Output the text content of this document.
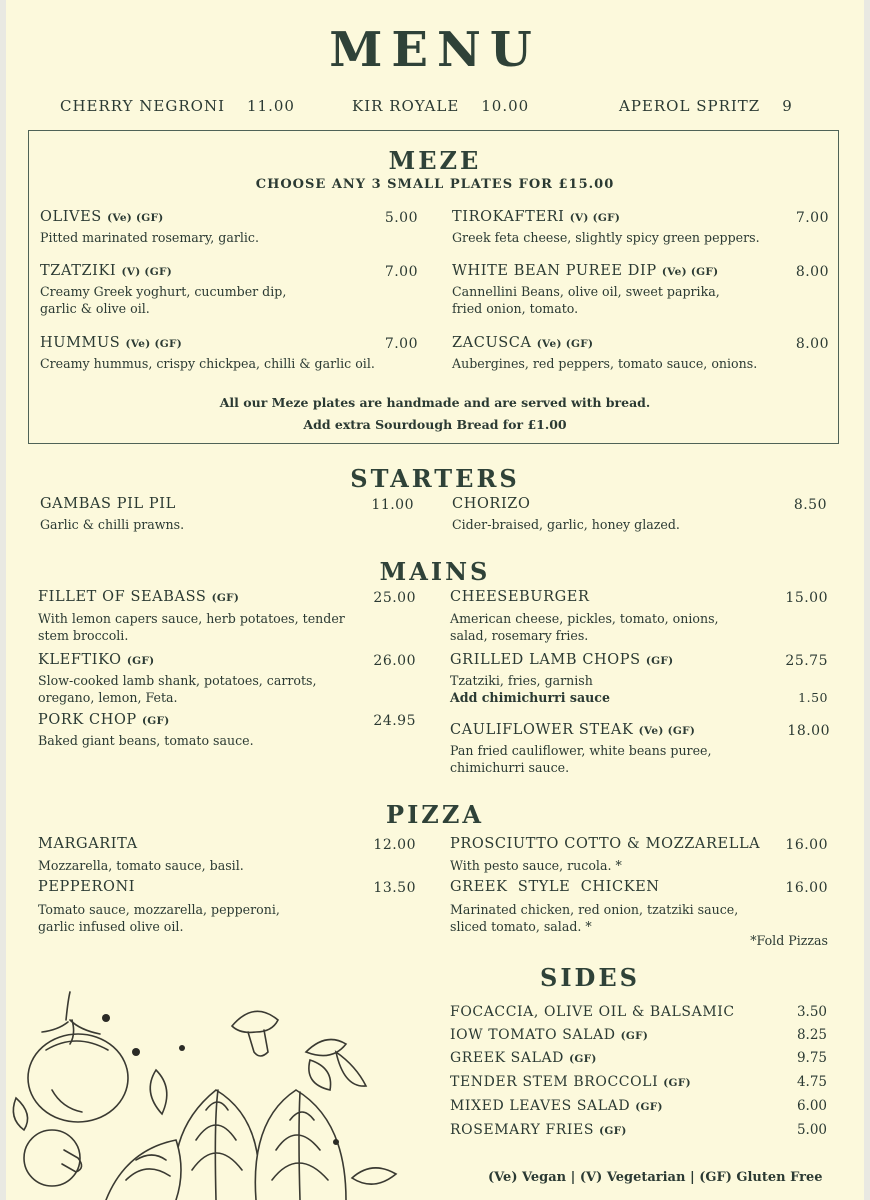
MENU
CHERRY NEGRONI 11.00	KIR ROYALE 10.00	APEROL SPRITZ 9
MEZE
CHOOSE ANY 3 SMALL PLATES FOR £15.00
OLIVES (Ve) (GF)	5.00
Pitted marinated rosemary, garlic.
TIROKAFTERI (V) (GF)	7.00
Greek feta cheese, slightly spicy green peppers.
TZATZIKI (V) (GF)	7.00
Creamy Greek yoghurt, cucumber dip,
garlic & olive oil.
WHITE BEAN PUREE DIP (Ve) (GF)	8.00
Cannellini Beans, olive oil, sweet paprika,
fried onion, tomato.
HUMMUS (Ve) (GF)	7.00
Creamy hummus, crispy chickpea, chilli & garlic oil.
ZACUSCA (Ve) (GF)	8.00
Aubergines, red peppers, tomato sauce, onions.
All our Meze plates are handmade and are served with bread.
Add extra Sourdough Bread for £1.00
STARTERS
GAMBAS PIL PIL	11.00
Garlic & chilli prawns.
CHORIZO	8.50
Cider-braised, garlic, honey glazed.
MAINS
FILLET OF SEABASS (GF)	25.00
With lemon capers sauce, herb potatoes, tender
stem broccoli.
CHEESEBURGER	15.00
American cheese, pickles, tomato, onions,
salad, rosemary fries.
KLEFTIKO (GF)	26.00
Slow-cooked lamb shank, potatoes, carrots,
oregano, lemon, Feta.
GRILLED LAMB CHOPS (GF)	25.75
Tzatziki, fries, garnish
Add chimichurri sauce	1.50
PORK CHOP (GF)	24.95
Baked giant beans, tomato sauce.
CAULIFLOWER STEAK (Ve) (GF)	18.00
Pan fried cauliflower, white beans puree,
chimichurri sauce.
PIZZA
MARGARITA	12.00
Mozzarella, tomato sauce, basil.
PROSCIUTTO COTTO & MOZZARELLA	16.00
With pesto sauce, rucola. *
PEPPERONI	13.50
Tomato sauce, mozzarella, pepperoni,
garlic infused olive oil.
GREEK  STYLE  CHICKEN	16.00
Marinated chicken, red onion, tzatziki sauce,
sliced tomato, salad. *
*Fold Pizzas
SIDES
FOCACCIA, OLIVE OIL & BALSAMIC	3.50
IOW TOMATO SALAD (GF)	8.25
GREEK SALAD (GF)	9.75
TENDER STEM BROCCOLI (GF)	4.75
MIXED LEAVES SALAD (GF)	6.00
ROSEMARY FRIES (GF)	5.00
(Ve) Vegan | (V) Vegetarian | (GF) Gluten Free
